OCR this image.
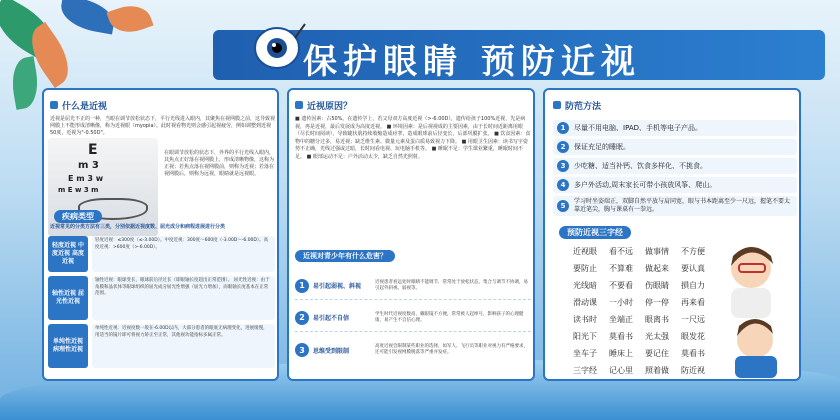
保护眼睛 预防近视
什么是近视
近视是屈光不正的一种，当眼在调节放松状态下，平行光线进入眼内，其聚焦在视网膜之前，这导致视网膜上不能形成清晰像，称为近视眼（myopia）。此时视看物光则会感引起视疲劳，例如调整到近视50度，近视为"-0.50D"。
E
m 3
E m 3 w
m E w 3 m
在眼调节放松的状态下，外界的平行光线入眼内，其焦点正好落在视网膜上，形成清晰物像，这称为正视；若焦点落在视网膜前，则称为近视；若落在视网膜后，则称为远视，眼睛就是远视眼。
疾病类型
近视常见的分类方法有三类，分别依据近视度数、屈光成分和病程进展进行分类
轻度近视 中度近视 高度近视
轻度近视：≤300度（≤-3.00D）。中度近视：300度～600度（-3.00D～-6.00D）。高度近视：>600度（>-6.00D）。
轴性近视 屈光性近视
轴性近视：眼球变长，眼球前后径过长（即眼轴长度超出正常范围）。 屈光性近视：由于角膜和晶状体等眼球组织的屈光成分屈光性增强（屈光力增加），而眼轴长度基本在正常范围。
单纯性近视 病理性近视
单纯性近视：近视度数一般在-6.00D以内，大部分患者的眼底无病理变化，进展缓慢，用适当的镜片即可将视力矫正至正常，其他视功能指标多属正常。
近视原因？
■ 遗传因素：占50%。在遗传学上，若父母双方高度近视（>-6.00D），遗传给孩子100%近视，先是病视，再是近视，最后发展成为高度近视。 ■ 环境因素：是后视视成的主要因素，由于长时间近距离用眼（尽长时间阅读），导致睫状肌持续收缩造成痉挛，造成眼球前后径变长，后部巩膜扩张。 ■ 饮食因素：食物中的糖分过多，易近视；缺乏维生素、微量元素及蛋白质易致视力下降。 ■ 用眼卫生因素：读书写字姿势不正确，光线过强或过暗，长时间看电视、玩电脑手机等。 ■ 睡眠不足：学生课业繁重，睡眠时间不足。 ■ 眼部运动不足：户外活动太少，缺乏自然光照射。
近视对青少年有什么危害？
1	易引起弱视、斜视
近视患者看远处时眼睛不能调节，常常处于放松状态，集合与调节不协调，易引起外斜视、弱视等。
2	易引起不自信
学生时代近视度数高，戴眼镜不方便，常常被人起绰号，影响孩子的心理健康，易产生不自信心理。
3	思维受到限制
高度近视会限制某些职业的选择，如军人、飞行员等职业对视力有严格要求，还可能引发视网膜脱落等严重并发症。
防范方法
1	尽量不用电脑、IPAD、手机等电子产品。
2	保证充足的睡眠。
3	少吃糖、适当补钙、饮食多样化、不挑食。
4	多户外活动,周末家长可带小孩放风筝、爬山。
5
学习时坐姿端正，双脚自然平放与肩同宽，眼与书本距离至少一尺远，握笔不要太靠近笔尖，胸与课桌有一拳远。
预防近视三字经
近视眼	看不远	做事情	不方便
要防止	不算难	做起来	要认真
光线暗	不要看	伤眼睛	損自力
滑动课	一小时	停一停	再来看
读书时	坐端正	眼离书	一尺远
阳光下	莫看书	光太强	眼发花
坐车子	睡床上	要记住	莫看书
三字经	记心里	照着做	防近视
